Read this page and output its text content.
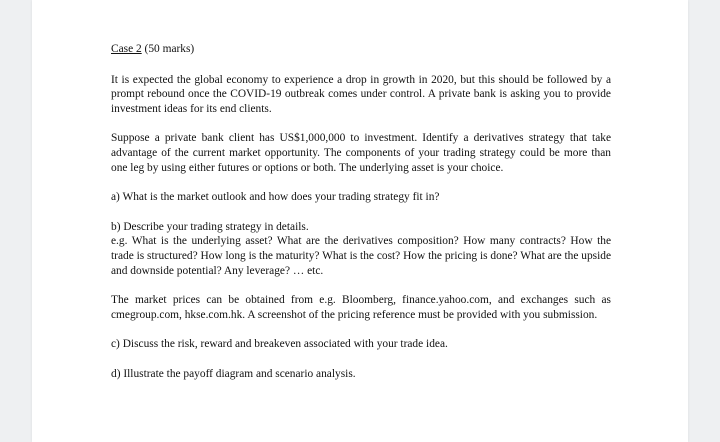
Case 2 (50 marks)

It is expected the global economy to experience a drop in growth in 2020, but this should be followed by a prompt rebound once the COVID-19 outbreak comes under control. A private bank is asking you to provide investment ideas for its end clients.

Suppose a private bank client has US$1,000,000 to investment. Identify a derivatives strategy that take advantage of the current market opportunity. The components of your trading strategy could be more than one leg by using either futures or options or both. The underlying asset is your choice.

a) What is the market outlook and how does your trading strategy fit in?

b) Describe your trading strategy in details.

e.g. What is the underlying asset? What are the derivatives composition? How many contracts? How the trade is structured? How long is the maturity? What is the cost? How the pricing is done? What are the upside and downside potential? Any leverage? … etc.

The market prices can be obtained from e.g. Bloomberg, finance.yahoo.com, and exchanges such as cmegroup.com, hkse.com.hk. A screenshot of the pricing reference must be provided with you submission.

c) Discuss the risk, reward and breakeven associated with your trade idea.

d) Illustrate the payoff diagram and scenario analysis.
